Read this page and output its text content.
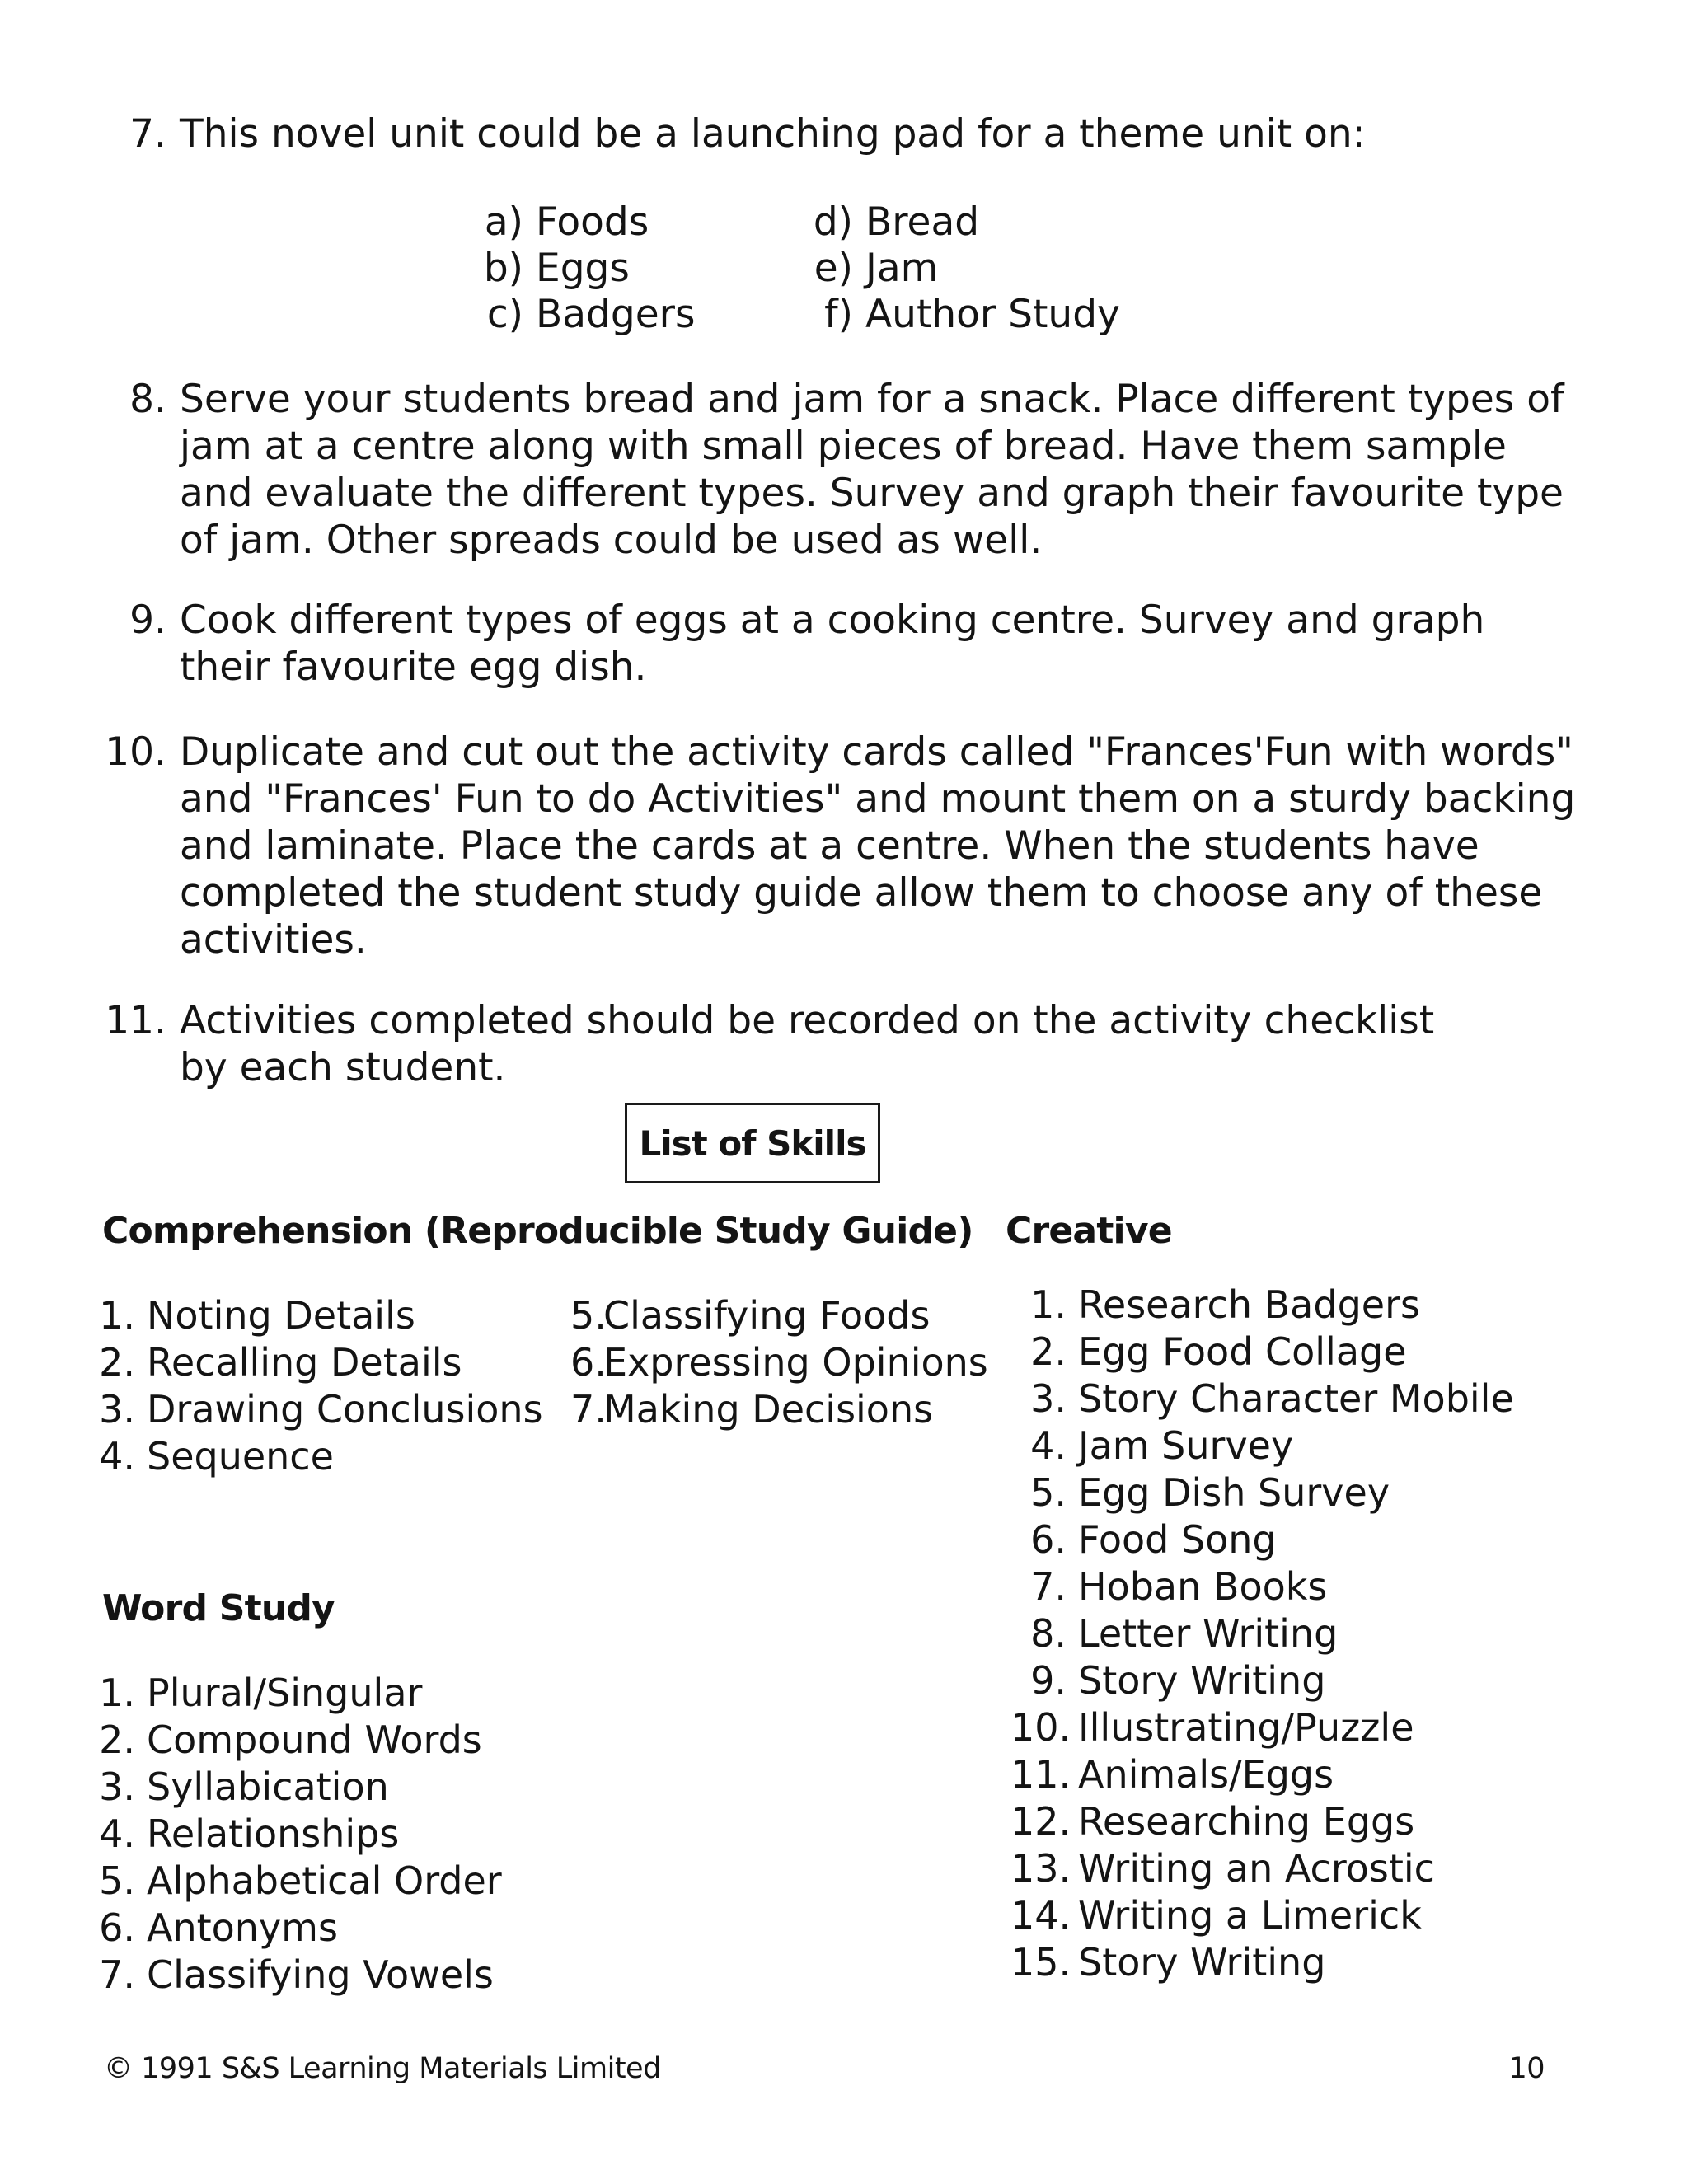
7. This novel unit could be a launching pad for a theme unit on:
a) Foods
b) Eggs
c) Badgers
d) Bread
e) Jam
f) Author Study
8. Serve your students bread and jam for a snack. Place different types of
jam at a centre along with small pieces of bread. Have them sample
and evaluate the different types. Survey and graph their favourite type
of jam. Other spreads could be used as well.
9. Cook different types of eggs at a cooking centre. Survey and graph
their favourite egg dish.
10. Duplicate and cut out the activity cards called "Frances'Fun with words"
and "Frances' Fun to do Activities" and mount them on a sturdy backing
and laminate. Place the cards at a centre. When the students have
completed the student study guide allow them to choose any of these
activities.
11. Activities completed should be recorded on the activity checklist
by each student.
List of Skills
Comprehension (Reproducible Study Guide)
1. Noting Details
2. Recalling Details
3. Drawing Conclusions
4. Sequence
5.Classifying Foods
6.Expressing Opinions
7.Making Decisions
Word Study
1. Plural/Singular
2. Compound Words
3. Syllabication
4. Relationships
5. Alphabetical Order
6. Antonyms
7. Classifying Vowels
Creative
1. Research Badgers
2. Egg Food Collage
3. Story Character Mobile
4. Jam Survey
5. Egg Dish Survey
6. Food Song
7. Hoban Books
8. Letter Writing
9. Story Writing
10. Illustrating/Puzzle
11. Animals/Eggs
12. Researching Eggs
13. Writing an Acrostic
14. Writing a Limerick
15. Story Writing
© 1991 S&S Learning Materials Limited	10
